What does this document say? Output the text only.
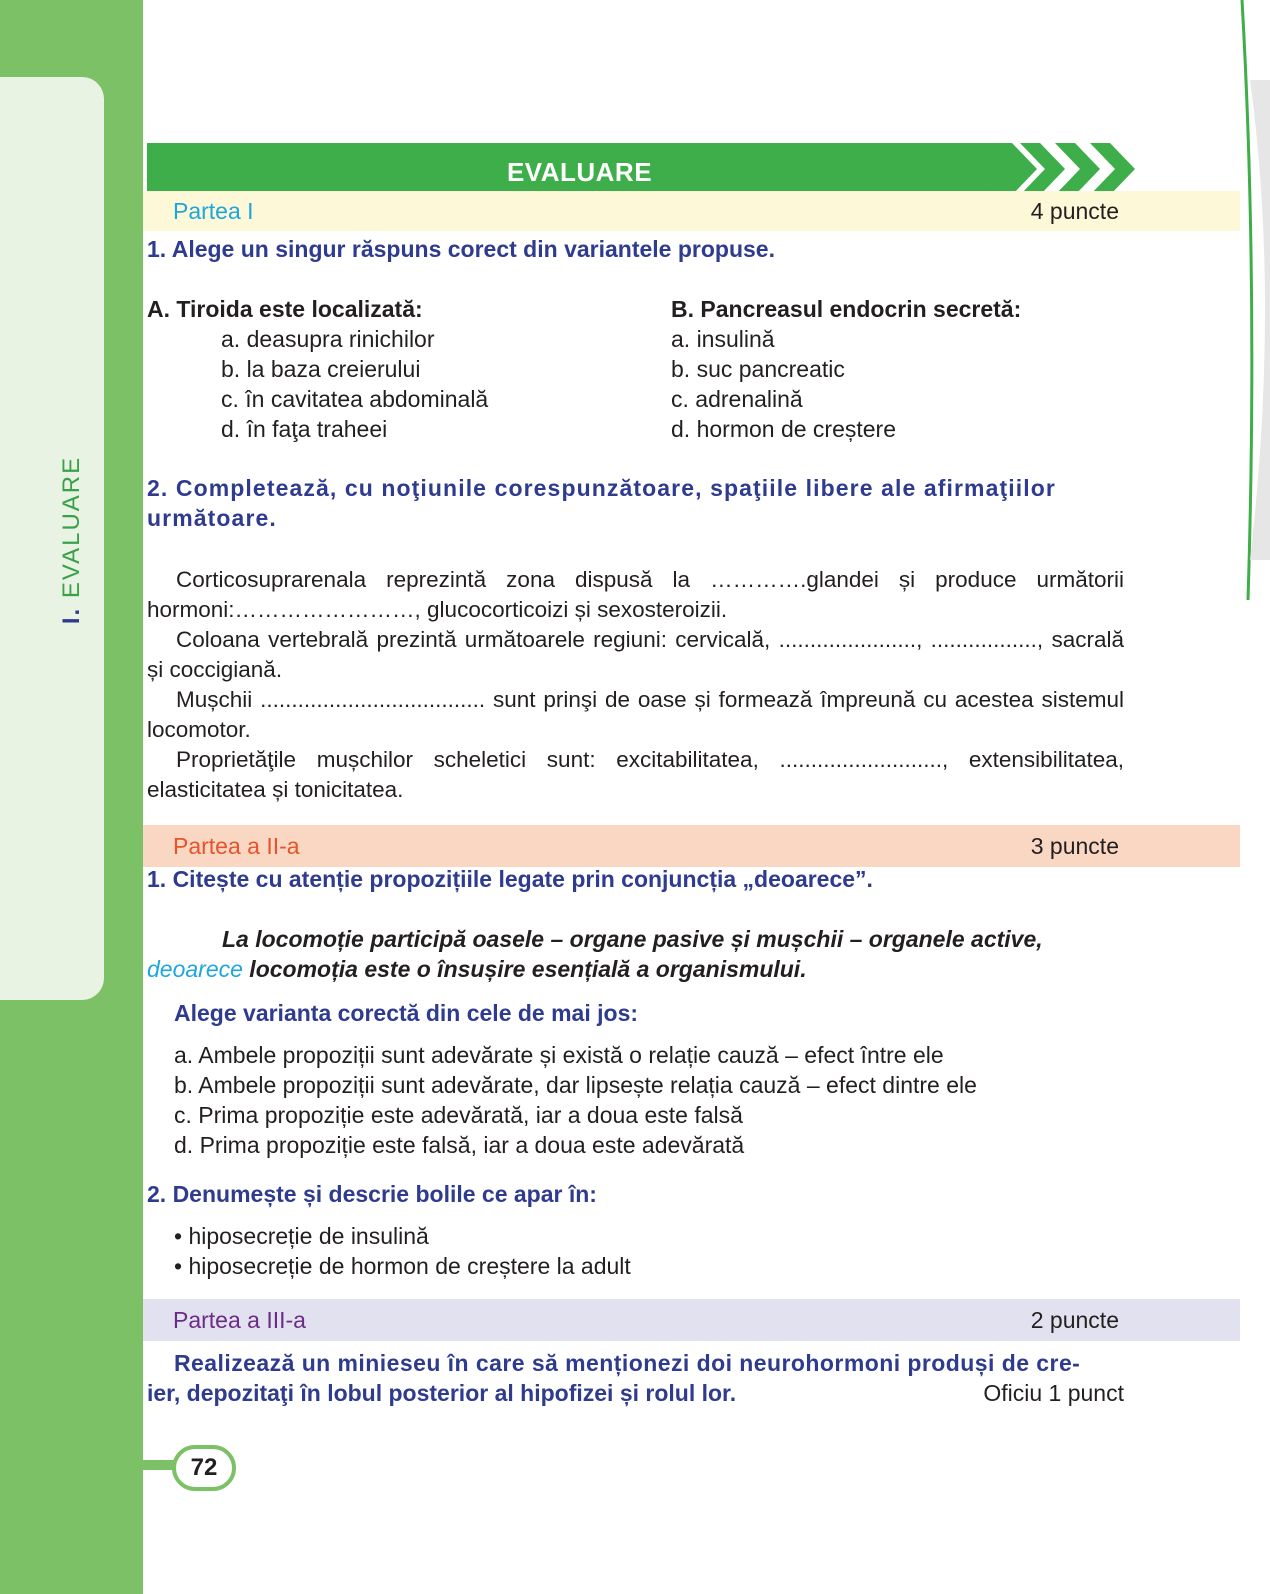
I. EVALUARE
EVALUARE
Partea I	4 puncte
1. Alege un singur răspuns corect din variantele propuse.
A. Tiroida este localizată:
a. deasupra rinichilor
b. la baza creierului
c. în cavitatea abdominală
d. în faţa traheei
B. Pancreasul endocrin secretă:
a. insulină
b. suc pancreatic
c. adrenalină
d. hormon de creștere
2. Completează, cu noţiunile corespunzătoare, spaţiile libere ale afirmaţiilor următoare.

Corticosuprarenala reprezintă zona dispusă la ………….glandei și produce următorii hormoni:……………………, glucocorticoizi și sexosteroizii.

Coloana vertebrală prezintă următoarele regiuni: cervicală, ......................, ................., sacrală și coccigiană.

Mușchii .................................... sunt prinşi de oase și formează împreună cu acestea sistemul locomotor.

Proprietăţile mușchilor scheletici sunt: excitabilitatea, .........................., extensibilitatea, elasticitatea și tonicitatea.

Partea a II-a	3 puncte
1. Citește cu atenție propozițiile legate prin conjuncția „deoarece”.
La locomoție participă oasele – organe pasive și mușchii – organele active,
deoarece locomoția este o însușire esențială a organismului.
Alege varianta corectă din cele de mai jos:
a. Ambele propoziții sunt adevărate și există o relație cauză – efect între ele
b. Ambele propoziții sunt adevărate, dar lipsește relația cauză – efect dintre ele
c. Prima propoziție este adevărată, iar a doua este falsă
d. Prima propoziție este falsă, iar a doua este adevărată
2. Denumește și descrie bolile ce apar în:
• hiposecreție de insulină
• hiposecreție de hormon de creștere la adult
Partea a III-a	2 puncte
Realizează un minieseu în care să menționezi doi neurohormoni produși de cre-
ier, depozitaţi în lobul posterior al hipofizei și rolul lor.	Oficiu 1 punct
72
